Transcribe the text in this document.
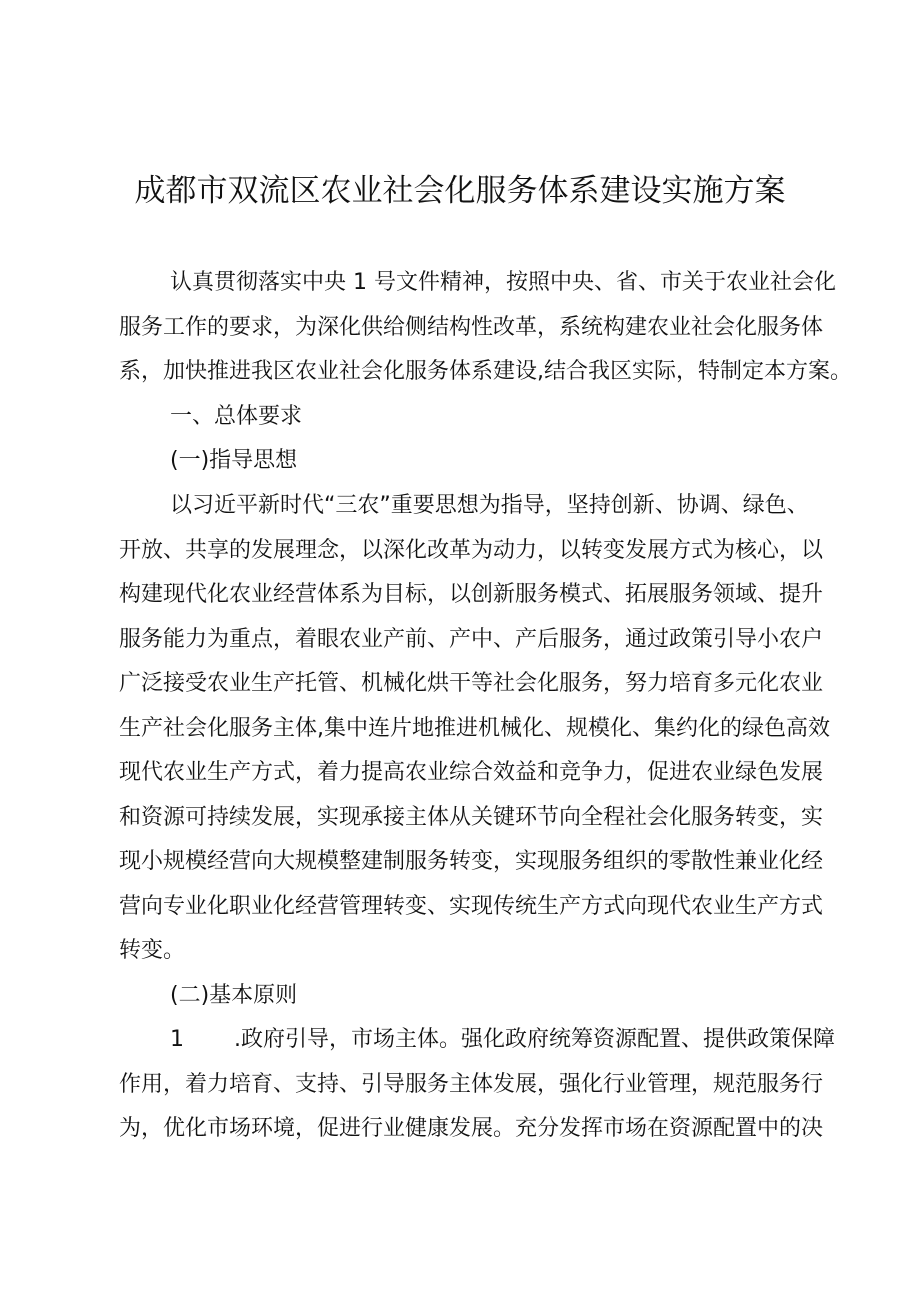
成都市双流区农业社会化服务体系建设实施方案

认真贯彻落实中央 1 号文件精神，按照中央、省、市关于农业社会化

服务工作的要求，为深化供给侧结构性改革，系统构建农业社会化服务体

系，加快推进我区农业社会化服务体系建设,结合我区实际，特制定本方案。

一、总体要求

(一)指导思想

以习近平新时代“三农”重要思想为指导，坚持创新、协调、绿色、

开放、共享的发展理念，以深化改革为动力，以转变发展方式为核心，以

构建现代化农业经营体系为目标，以创新服务模式、拓展服务领域、提升

服务能力为重点，着眼农业产前、产中、产后服务，通过政策引导小农户

广泛接受农业生产托管、机械化烘干等社会化服务，努力培育多元化农业

生产社会化服务主体,集中连片地推进机械化、规模化、集约化的绿色高效

现代农业生产方式，着力提高农业综合效益和竞争力，促进农业绿色发展

和资源可持续发展，实现承接主体从关键环节向全程社会化服务转变，实

现小规模经营向大规模整建制服务转变，实现服务组织的零散性兼业化经

营向专业化职业化经营管理转变、实现传统生产方式向现代农业生产方式

转变。

(二)基本原则

1 .政府引导，市场主体。强化政府统筹资源配置、提供政策保障

作用，着力培育、支持、引导服务主体发展，强化行业管理，规范服务行

为，优化市场环境，促进行业健康发展。充分发挥市场在资源配置中的决
